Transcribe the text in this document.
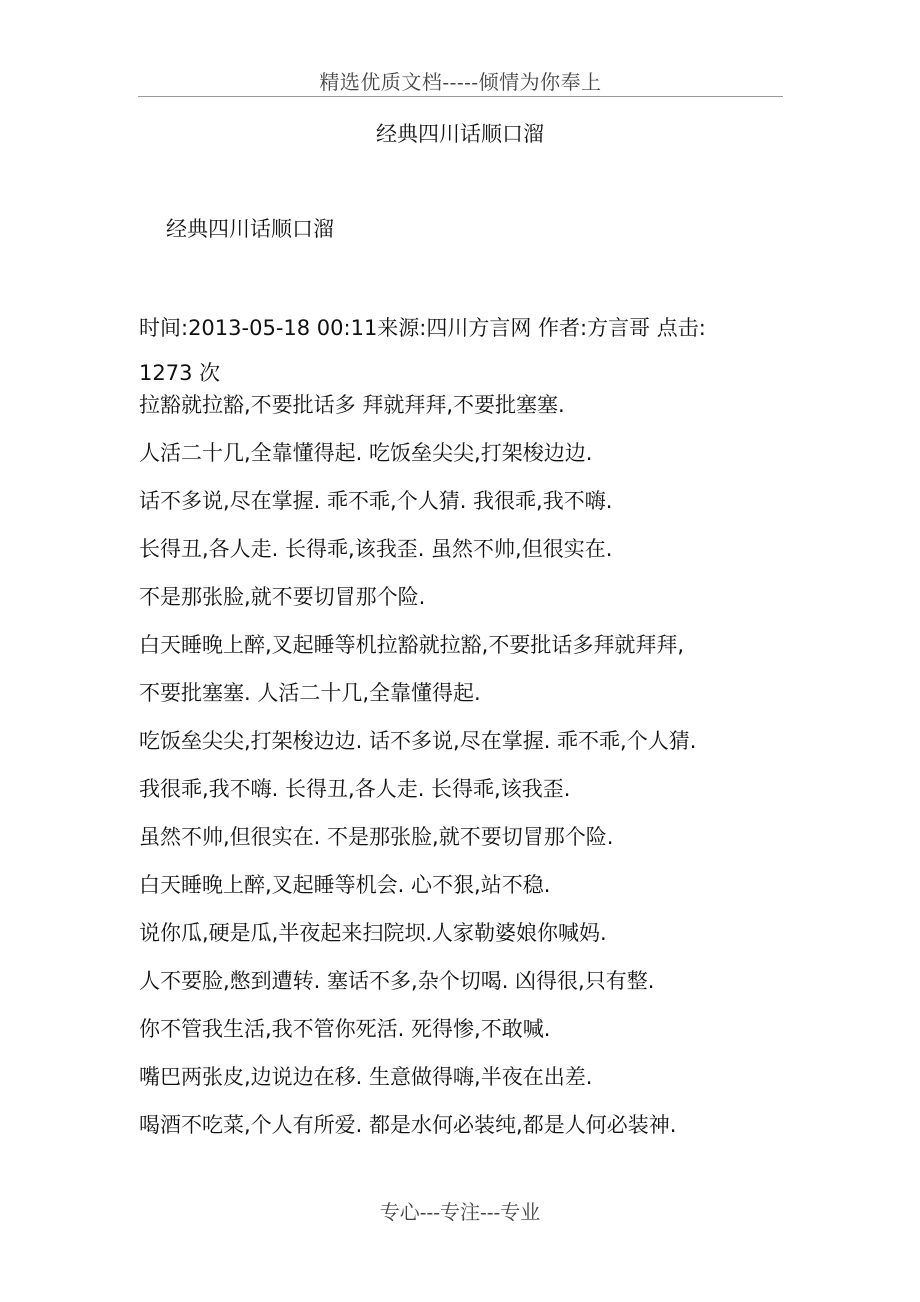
精选优质文档-----倾情为你奉上
经典四川话顺口溜
经典四川话顺口溜
时间:2013-05-18 00:11来源:四川方言网 作者:方言哥 点击:
1273 次
拉豁就拉豁,不要批话多 拜就拜拜,不要批塞塞.
人活二十几,全靠懂得起. 吃饭垒尖尖,打架梭边边.
话不多说,尽在掌握. 乖不乖,个人猜. 我很乖,我不嗨.
长得丑,各人走. 长得乖,该我歪. 虽然不帅,但很实在.
不是那张脸,就不要切冒那个险.
白天睡晚上醉,叉起睡等机拉豁就拉豁,不要批话多拜就拜拜,
不要批塞塞. 人活二十几,全靠懂得起.
吃饭垒尖尖,打架梭边边. 话不多说,尽在掌握. 乖不乖,个人猜.
我很乖,我不嗨. 长得丑,各人走. 长得乖,该我歪.
虽然不帅,但很实在. 不是那张脸,就不要切冒那个险.
白天睡晚上醉,叉起睡等机会. 心不狠,站不稳.
说你瓜,硬是瓜,半夜起来扫院坝.人家勒婆娘你喊妈.
人不要脸,憋到遭转. 塞话不多,杂个切喝. 凶得很,只有整.
你不管我生活,我不管你死活. 死得惨,不敢喊.
嘴巴两张皮,边说边在移. 生意做得嗨,半夜在出差.
喝酒不吃菜,个人有所爱. 都是水何必装纯,都是人何必装神.
专心---专注---专业
